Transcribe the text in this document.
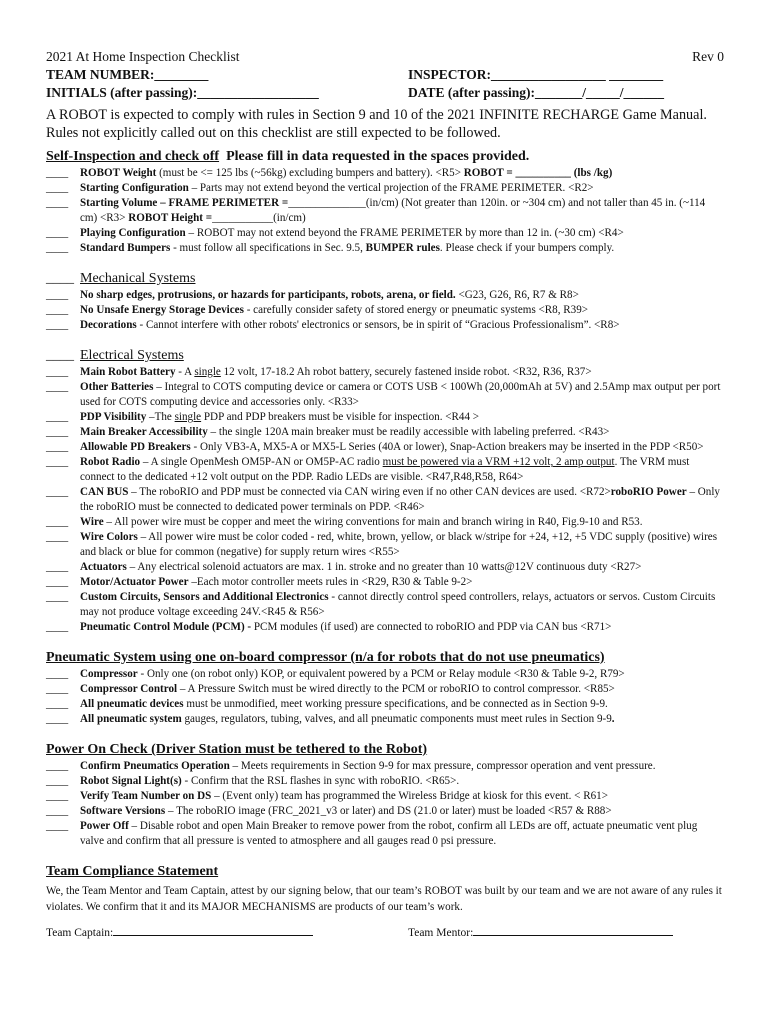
2021 At Home Inspection Checklist	Rev 0
TEAM NUMBER:________	INSPECTOR:_________________ ________
INITIALS (after passing):__________________	DATE (after passing):_______/_____/______
A ROBOT is expected to comply with rules in Section 9 and 10 of the 2021 INFINITE RECHARGE Game Manual. Rules not explicitly called out on this checklist are still expected to be followed.
Self-Inspection and check off Please fill in data requested in the spaces provided.
____	ROBOT Weight (must be <= 125 lbs (~56kg) excluding bumpers and battery). <R5> ROBOT = __________ (lbs /kg)
____	Starting Configuration – Parts may not extend beyond the vertical projection of the FRAME PERIMETER. <R2>
____	Starting Volume – FRAME PERIMETER =______________(in/cm) (Not greater than 120in. or ~304 cm) and not taller than 45 in. (~114 cm) <R3> ROBOT Height =___________(in/cm)
____	Playing Configuration – ROBOT may not extend beyond the FRAME PERIMETER by more than 12 in. (~30 cm) <R4>
____	Standard Bumpers - must follow all specifications in Sec. 9.5, BUMPER rules. Please check if your bumpers comply.
____ Mechanical Systems
____	No sharp edges, protrusions, or hazards for participants, robots, arena, or field. <G23, G26, R6, R7 & R8>
____	No Unsafe Energy Storage Devices - carefully consider safety of stored energy or pneumatic systems <R8, R39>
____	Decorations - Cannot interfere with other robots' electronics or sensors, be in spirit of “Gracious Professionalism”. <R8>
____ Electrical Systems
____	Main Robot Battery - A single 12 volt, 17-18.2 Ah robot battery, securely fastened inside robot. <R32, R36, R37>
____	Other Batteries – Integral to COTS computing device or camera or COTS USB < 100Wh (20,000mAh at 5V) and 2.5Amp max output per port used for COTS computing device and accessories only. <R33>
____	PDP Visibility –The single PDP and PDP breakers must be visible for inspection. <R44 >
____	Main Breaker Accessibility – the single 120A main breaker must be readily accessible with labeling preferred. <R43>
____	Allowable PD Breakers - Only VB3-A, MX5-A or MX5-L Series (40A or lower), Snap-Action breakers may be inserted in the PDP <R50>
____	Robot Radio – A single OpenMesh OM5P-AN or OM5P-AC radio must be powered via a VRM +12 volt, 2 amp output. The VRM must connect to the dedicated +12 volt output on the PDP. Radio LEDs are visible. <R47,R48,R58, R64>
____	CAN BUS – The roboRIO and PDP must be connected via CAN wiring even if no other CAN devices are used. <R72>roboRIO Power – Only the roboRIO must be connected to dedicated power terminals on PDP. <R46>
____	Wire – All power wire must be copper and meet the wiring conventions for main and branch wiring in R40, Fig.9-10 and R53.
____	Wire Colors – All power wire must be color coded - red, white, brown, yellow, or black w/stripe for +24, +12, +5 VDC supply (positive) wires and black or blue for common (negative) for supply return wires <R55>
____	Actuators – Any electrical solenoid actuators are max. 1 in. stroke and no greater than 10 watts@12V continuous duty <R27>
____	Motor/Actuator Power –Each motor controller meets rules in <R29, R30 & Table 9-2>
____	Custom Circuits, Sensors and Additional Electronics - cannot directly control speed controllers, relays, actuators or servos. Custom Circuits may not produce voltage exceeding 24V.<R45 & R56>
____	Pneumatic Control Module (PCM) - PCM modules (if used) are connected to roboRIO and PDP via CAN bus <R71>
Pneumatic System using one on-board compressor (n/a for robots that do not use pneumatics)
____	Compressor - Only one (on robot only) KOP, or equivalent powered by a PCM or Relay module <R30 & Table 9-2, R79>
____	Compressor Control – A Pressure Switch must be wired directly to the PCM or roboRIO to control compressor. <R85>
____	All pneumatic devices must be unmodified, meet working pressure specifications, and be connected as in Section 9-9.
____	All pneumatic system gauges, regulators, tubing, valves, and all pneumatic components must meet rules in Section 9-9.
Power On Check (Driver Station must be tethered to the Robot)
____	Confirm Pneumatics Operation – Meets requirements in Section 9-9 for max pressure, compressor operation and vent pressure.
____	Robot Signal Light(s) - Confirm that the RSL flashes in sync with roboRIO. <R65>.
____	Verify Team Number on DS – (Event only) team has programmed the Wireless Bridge at kiosk for this event. < R61>
____	Software Versions – The roboRIO image (FRC_2021_v3 or later) and DS (21.0 or later) must be loaded <R57 & R88>
____	Power Off – Disable robot and open Main Breaker to remove power from the robot, confirm all LEDs are off, actuate pneumatic vent plug valve and confirm that all pressure is vented to atmosphere and all gauges read 0 psi pressure.
Team Compliance Statement
We, the Team Mentor and Team Captain, attest by our signing below, that our team’s ROBOT was built by our team and we are not aware of any rules it violates. We confirm that it and its MAJOR MECHANISMS are products of our team’s work.
Team Captain:	Team Mentor:
